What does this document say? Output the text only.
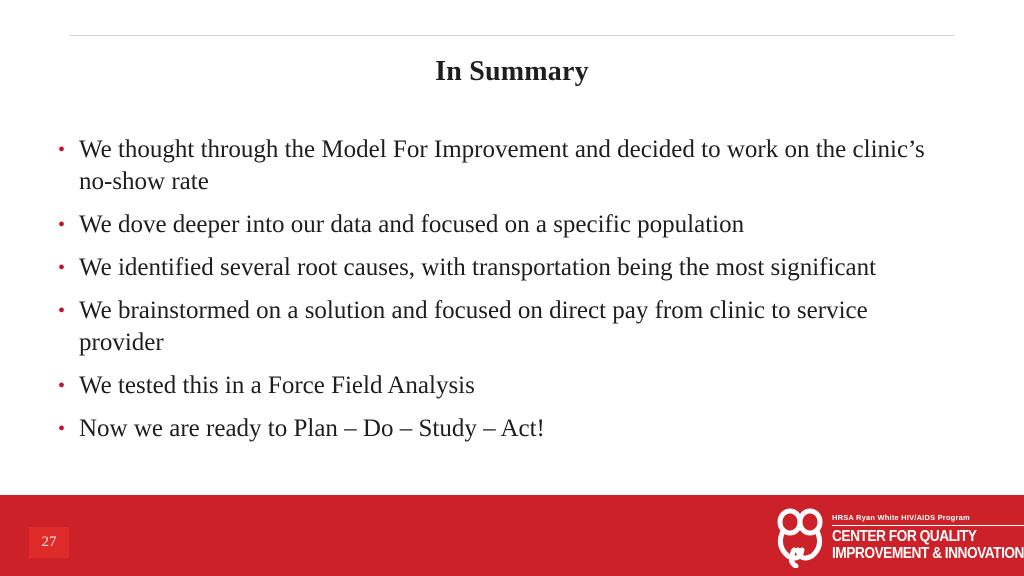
In Summary
• We thought through the Model For Improvement and decided to work on the clinic’s no-show rate
• We dove deeper into our data and focused on a specific population
• We identified several root causes, with transportation being the most significant
• We brainstormed on a solution and focused on direct pay from clinic to service provider
• We tested this in a Force Field Analysis
• Now we are ready to Plan – Do – Study – Act!
27
HRSA Ryan White HIV/AIDS Program
CENTER FOR QUALITY
IMPROVEMENT & INNOVATION
